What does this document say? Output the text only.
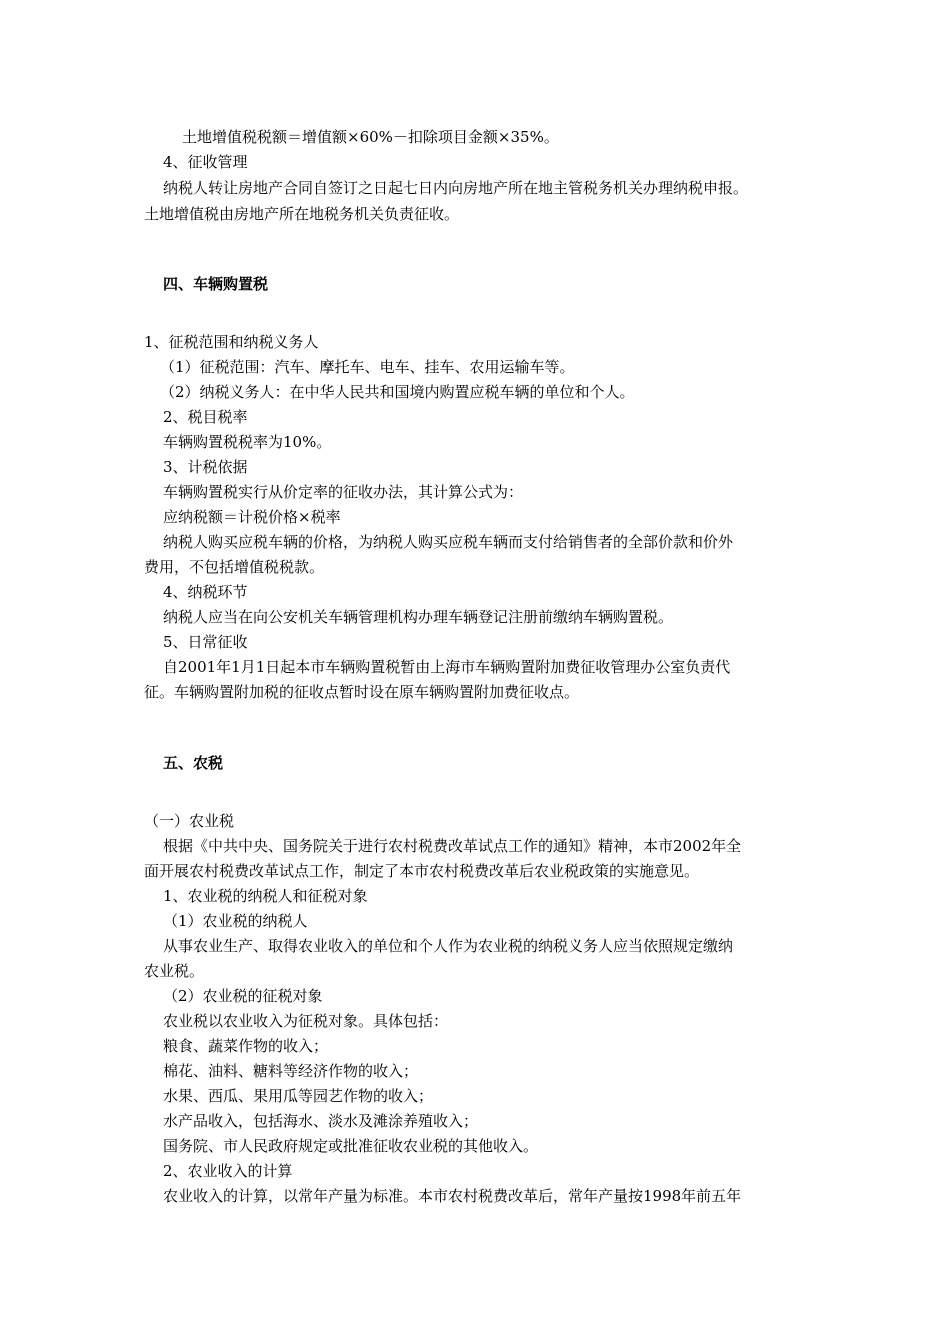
土地增值税税额＝增值额×60%－扣除项目金额×35%。
4、征收管理
纳税人转让房地产合同自签订之日起七日内向房地产所在地主管税务机关办理纳税申报。
土地增值税由房地产所在地税务机关负责征收。
四、车辆购置税
1、征税范围和纳税义务人
（1）征税范围：汽车、摩托车、电车、挂车、农用运输车等。
（2）纳税义务人：在中华人民共和国境内购置应税车辆的单位和个人。
2、税目税率
车辆购置税税率为10%。
3、计税依据
车辆购置税实行从价定率的征收办法，其计算公式为：
应纳税额＝计税价格×税率
纳税人购买应税车辆的价格，为纳税人购买应税车辆而支付给销售者的全部价款和价外
费用，不包括增值税税款。
4、纳税环节
纳税人应当在向公安机关车辆管理机构办理车辆登记注册前缴纳车辆购置税。
5、日常征收
自2001年1月1日起本市车辆购置税暂由上海市车辆购置附加费征收管理办公室负责代
征。车辆购置附加税的征收点暂时设在原车辆购置附加费征收点。
五、农税
（一）农业税
根据《中共中央、国务院关于进行农村税费改革试点工作的通知》精神，本市2002年全
面开展农村税费改革试点工作，制定了本市农村税费改革后农业税政策的实施意见。
1、农业税的纳税人和征税对象
（1）农业税的纳税人
从事农业生产、取得农业收入的单位和个人作为农业税的纳税义务人应当依照规定缴纳
农业税。
（2）农业税的征税对象
农业税以农业收入为征税对象。具体包括：
粮食、蔬菜作物的收入；
棉花、油料、糖料等经济作物的收入；
水果、西瓜、果用瓜等园艺作物的收入；
水产品收入，包括海水、淡水及滩涂养殖收入；
国务院、市人民政府规定或批准征收农业税的其他收入。
2、农业收入的计算
农业收入的计算，以常年产量为标准。本市农村税费改革后，常年产量按1998年前五年
